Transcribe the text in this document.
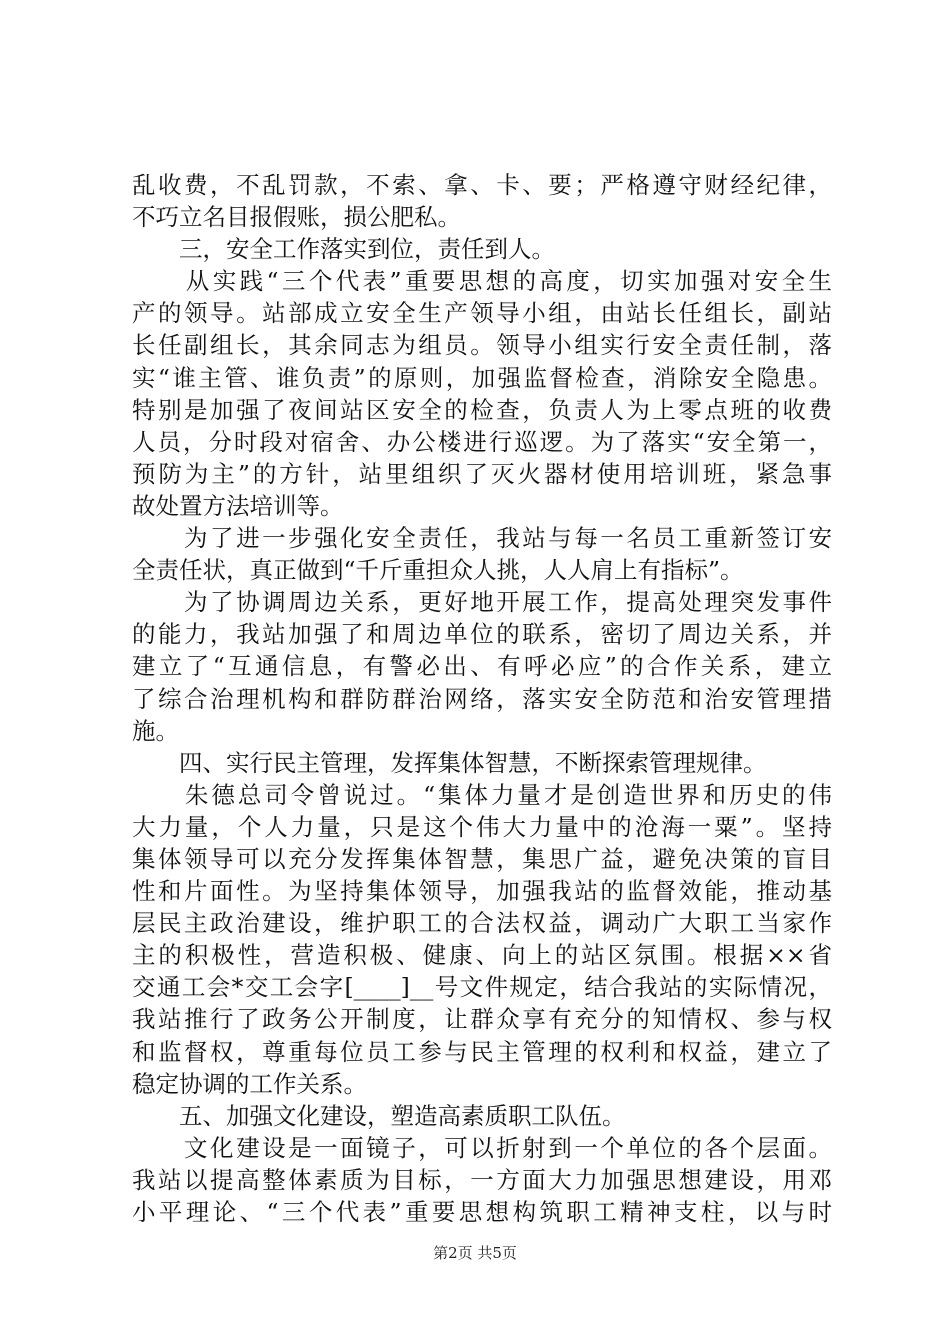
乱收费，不乱罚款，不索、拿、卡、要；严格遵守财经纪律，
不巧立名目报假账，损公肥私。
　　三，安全工作落实到位，责任到人。
　　从实践“三个代表”重要思想的高度，切实加强对安全生
产的领导。站部成立安全生产领导小组，由站长任组长，副站
长任副组长，其余同志为组员。领导小组实行安全责任制，落
实“谁主管、谁负责”的原则，加强监督检查，消除安全隐患。
特别是加强了夜间站区安全的检查，负责人为上零点班的收费
人员，分时段对宿舍、办公楼进行巡逻。为了落实“安全第一，
预防为主”的方针，站里组织了灭火器材使用培训班，紧急事
故处置方法培训等。
　　为了进一步强化安全责任，我站与每一名员工重新签订安
全责任状，真正做到“千斤重担众人挑，人人肩上有指标”。
　　为了协调周边关系，更好地开展工作，提高处理突发事件
的能力，我站加强了和周边单位的联系，密切了周边关系，并
建立了“互通信息，有警必出、有呼必应”的合作关系，建立
了综合治理机构和群防群治网络，落实安全防范和治安管理措
施。
　　四、实行民主管理，发挥集体智慧，不断探索管理规律。
　　朱德总司令曾说过。“集体力量才是创造世界和历史的伟
大力量，个人力量，只是这个伟大力量中的沧海一粟”。坚持
集体领导可以充分发挥集体智慧，集思广益，避免决策的盲目
性和片面性。为坚持集体领导，加强我站的监督效能，推动基
层民主政治建设，维护职工的合法权益，调动广大职工当家作
主的积极性，营造积极、健康、向上的站区氛围。根据××省
交通工会*交工会字[____]__号文件规定，结合我站的实际情况，
我站推行了政务公开制度，让群众享有充分的知情权、参与权
和监督权，尊重每位员工参与民主管理的权利和权益，建立了
稳定协调的工作关系。
　　五、加强文化建设，塑造高素质职工队伍。
　　文化建设是一面镜子，可以折射到一个单位的各个层面。
我站以提高整体素质为目标，一方面大力加强思想建设，用邓
小平理论、“三个代表”重要思想构筑职工精神支柱，以与时
第2页 共5页
